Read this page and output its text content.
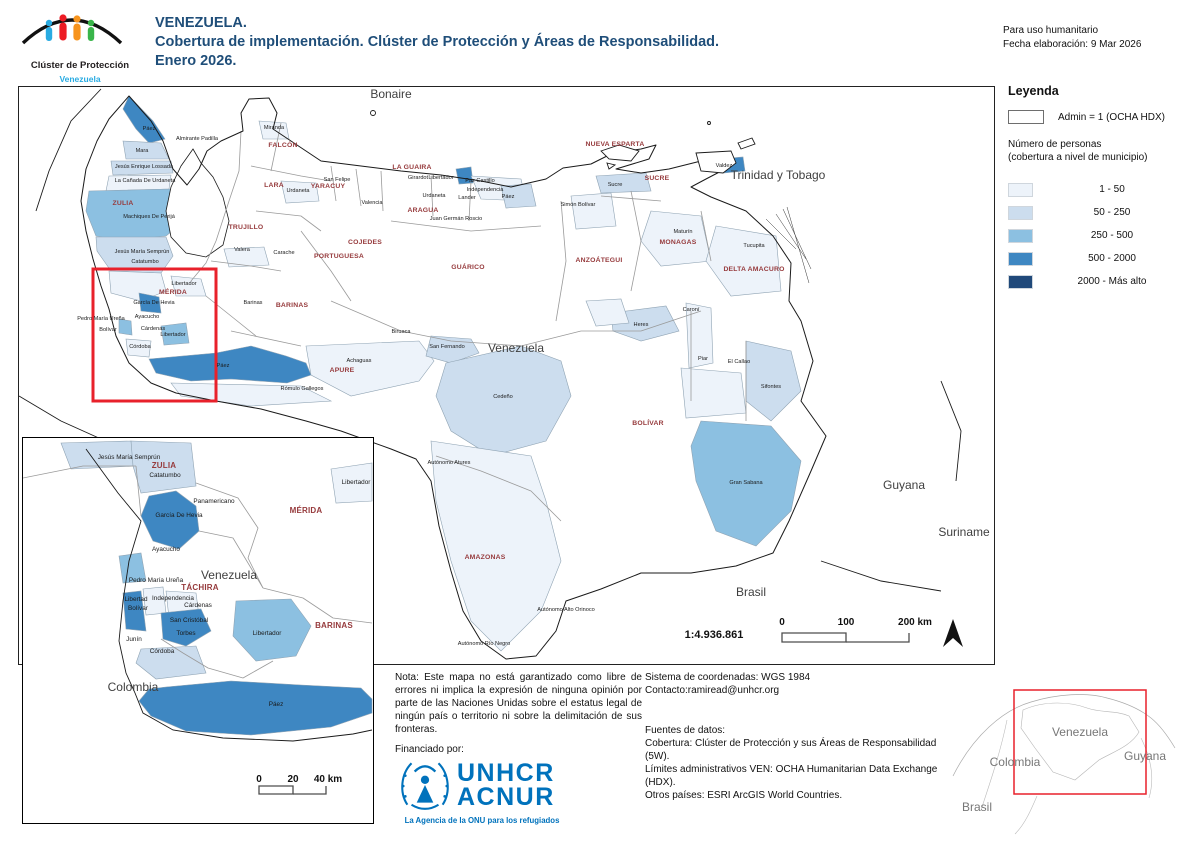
Clúster de Protección
Venezuela
VENEZUELA.
Cobertura de implementación. Clúster de Protección y Áreas de Responsabilidad.
Enero 2026.
Para uso humanitario
Fecha elaboración: 9 Mar 2026
Bonaire
Trinidad y Tobago
Guyana
Suriname
Brasil
Venezuela
ZULIA
FALCÓN
LARA
TRUJILLO
YARACUY
LA GUAIRA
ARAGUA
COJEDES
PORTUGUESA
GUÁRICO
MÉRIDA
BARINAS
APURE
NUEVA ESPARTA
SUCRE
ANZOÁTEGUI
MONAGAS
DELTA AMACURO
BOLÍVAR
AMAZONAS
Páez
Almirante Padilla
Mara
Jesús Enrique Lossada
La Cañada De Urdaneta
Machiques De Perijá
Jesús María Semprún
Catatumbo
Miranda
Urdaneta
Valera	Carache
Libertador
San Felipe
Valencia
Girardot Libertador
Urdaneta Lander
Paz Castillo
Independencia
Páez
Juan Germán Roscio
Simón Bolívar
Sucre
Valdez
Maturín
Tucupita
Heres
Caroní
Piar	El Callao
Sifontes
Gran Sabana
Cedeño
San Fernando
Achaguas
Biruaca
Rómulo Gallegos
Barinas
Autónomo Atures
Autónomo Alto Orinoco
Autónomo Río Negro
García De Hevia
Ayacucho
Cárdenas
Libertador
Córdoba
Pedro María Ureña
Bolívar
Páez
0	100	200 km
1:4.936.861
Venezuela
Colombia
ZULIA
MÉRIDA
TÁCHIRA
BARINAS
Jesús María Semprún
Catatumbo
Panamericano
García De Hevia
Libertador
Ayacucho
Pedro María Ureña
Libertad
Bolívar
Independencia
Cárdenas
San Cristóbal
Torbes
Junín
Córdoba
Libertador
Páez
0	20 40 km
Leyenda
Admin = 1 (OCHA HDX)
Número de personas
(cobertura a nivel de municipio)
1 - 50
50 - 250
250 - 500
500 - 2000
2000 - Más alto
Venezuela
Colombia
Brasil
Guyana
Nota: Este mapa no está garantizado como libre de errores ni implica la expresión de ninguna opinión por parte de las Naciones Unidas sobre el estatus legal de ningún país o territorio ni sobre la delimitación de sus fronteras.
Financiado por:
UNHCR
ACNUR
La Agencia de la ONU para los refugiados
Sistema de coordenadas: WGS 1984
Contacto:ramiread@unhcr.org
Fuentes de datos:
Cobertura: Clúster de Protección y sus Áreas de Responsabilidad (5W).
Límites administrativos VEN: OCHA Humanitarian Data Exchange (HDX).
Otros países: ESRI ArcGIS World Countries.
